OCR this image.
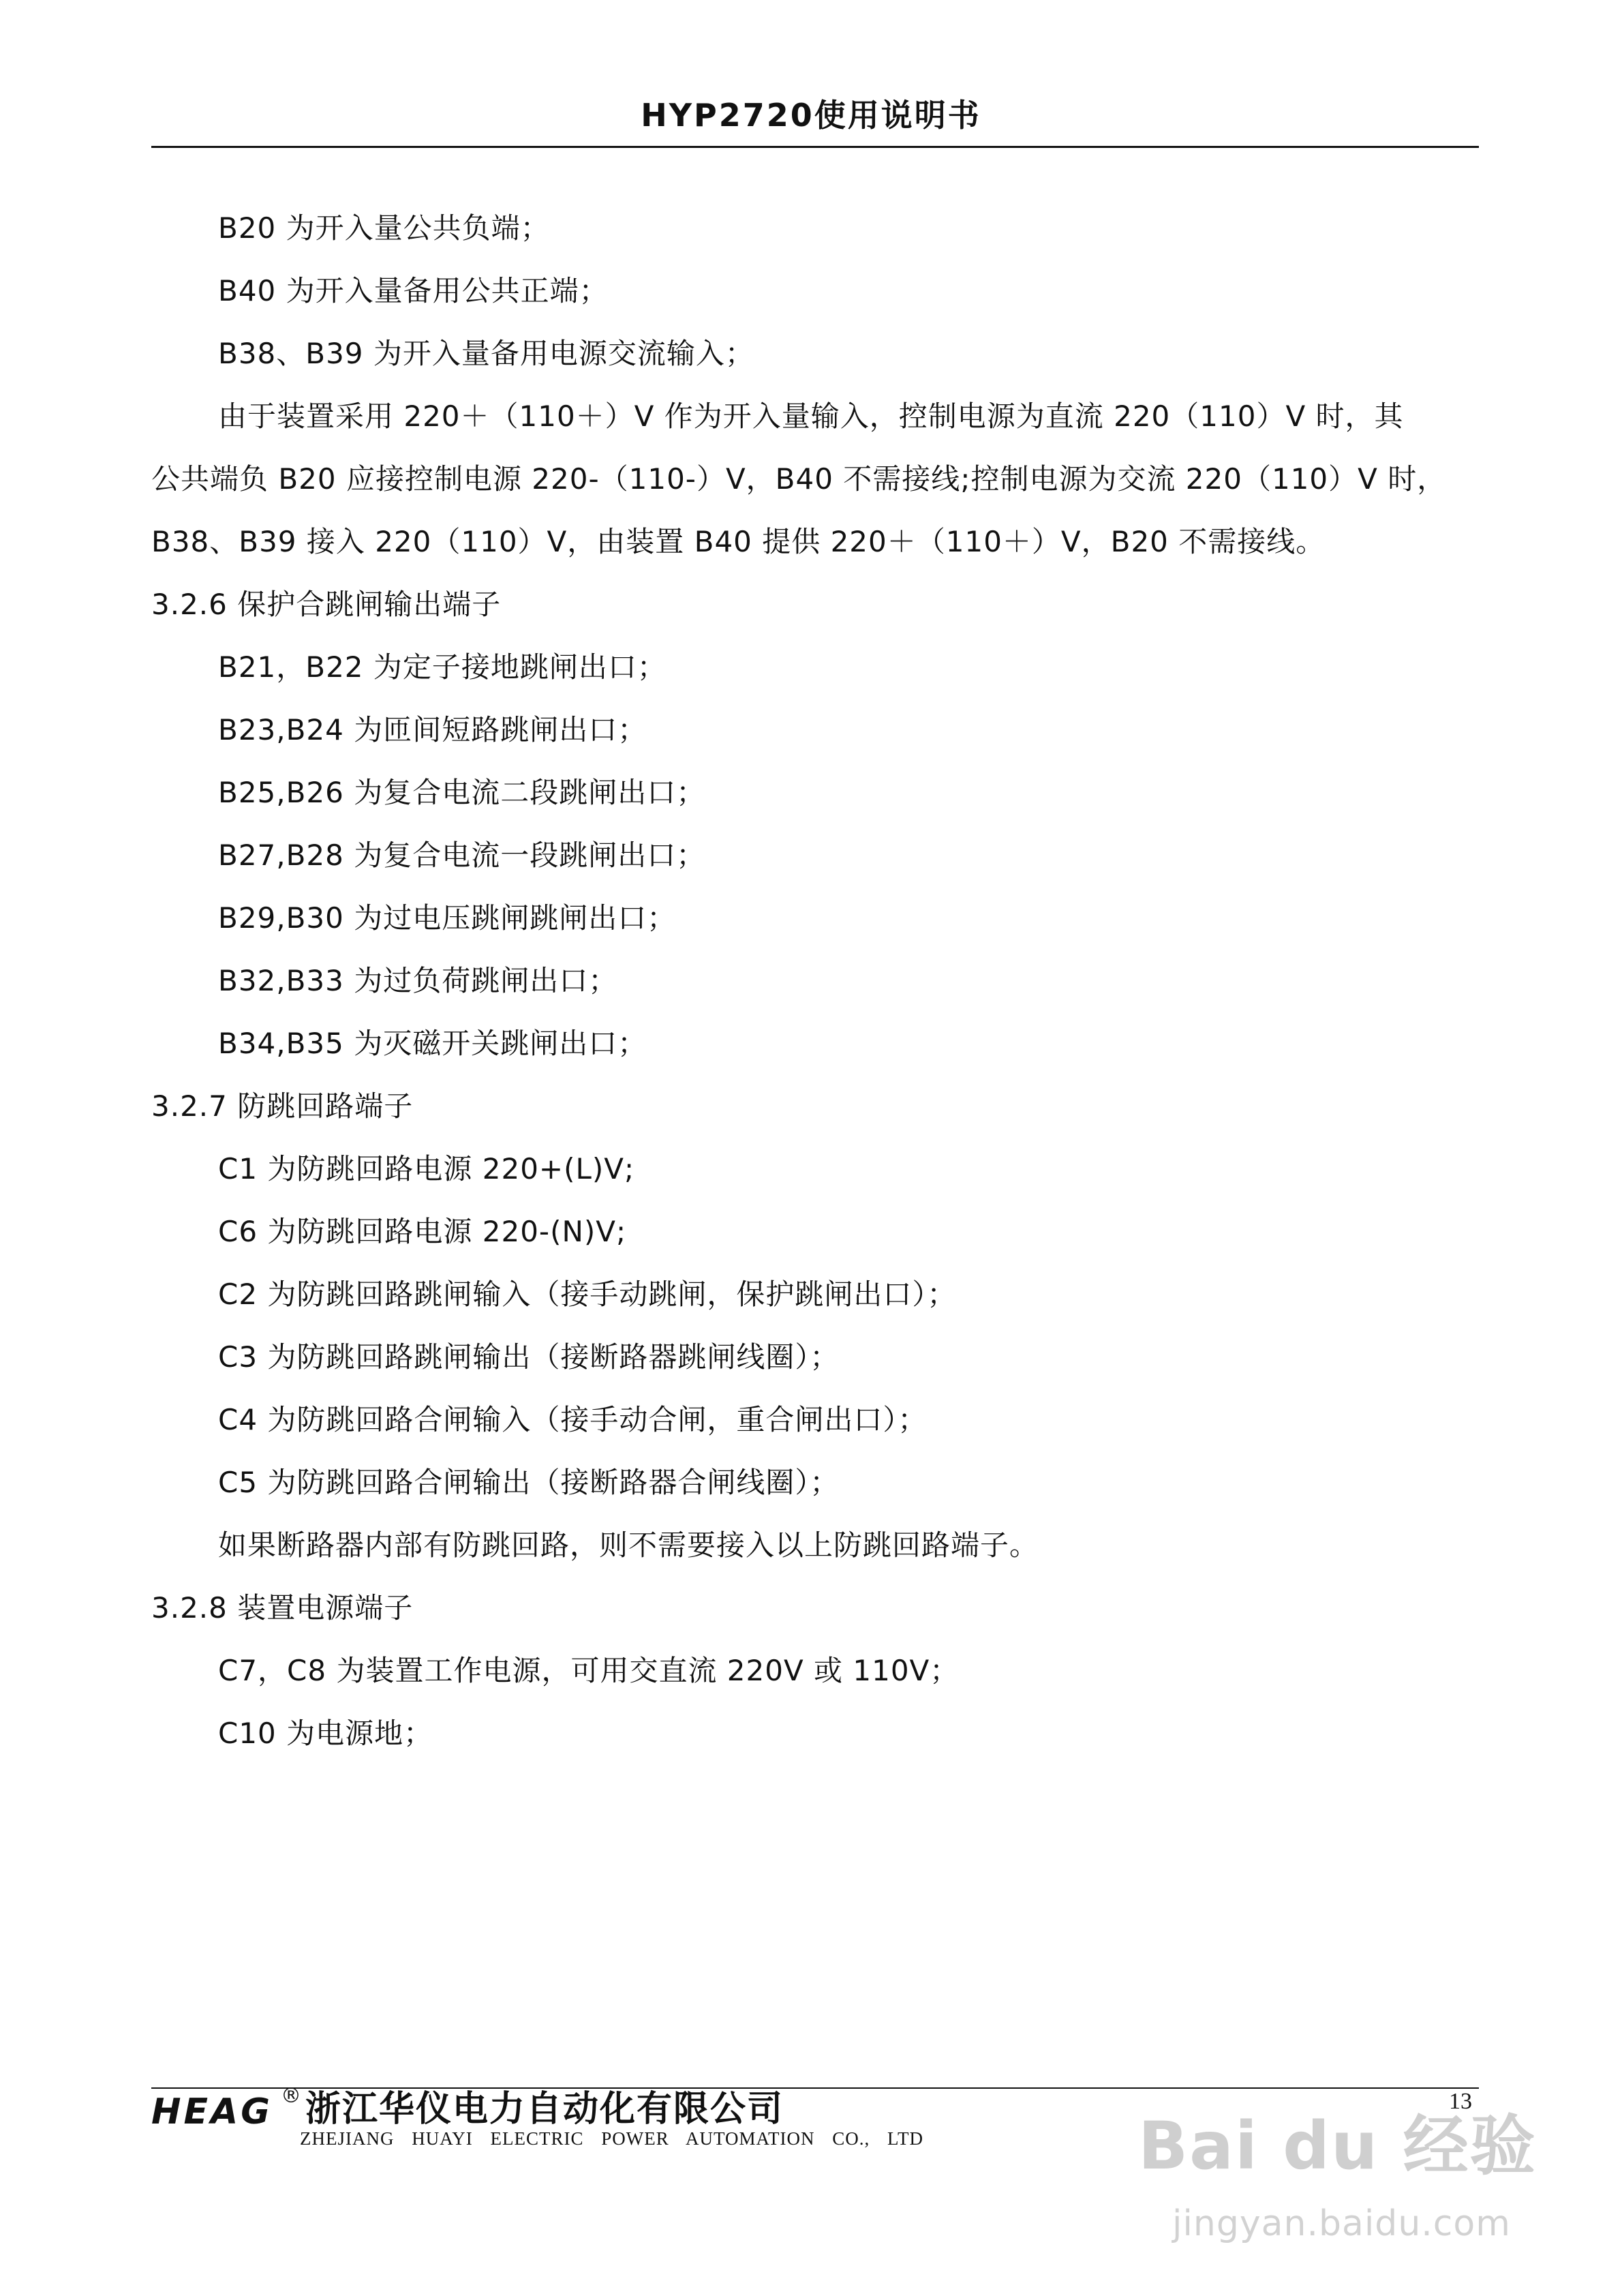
HYP2720使用说明书
B20 为开入量公共负端；
B40 为开入量备用公共正端；
B38、B39 为开入量备用电源交流输入；
由于装置采用 220＋（110＋）V 作为开入量输入，控制电源为直流 220（110）V 时，其
公共端负 B20 应接控制电源 220-（110-）V，B40 不需接线;控制电源为交流 220（110）V 时，
B38、B39 接入 220（110）V，由装置 B40 提供 220＋（110＋）V，B20 不需接线。
3.2.6 保护合跳闸输出端子
B21，B22 为定子接地跳闸出口；
B23,B24 为匝间短路跳闸出口；
B25,B26 为复合电流二段跳闸出口；
B27,B28 为复合电流一段跳闸出口；
B29,B30 为过电压跳闸跳闸出口；
B32,B33 为过负荷跳闸出口；
B34,B35 为灭磁开关跳闸出口；
3.2.7 防跳回路端子
C1 为防跳回路电源 220+(L)V;
C6 为防跳回路电源 220-(N)V;
C2 为防跳回路跳闸输入（接手动跳闸，保护跳闸出口）；
C3 为防跳回路跳闸输出（接断路器跳闸线圈）；
C4 为防跳回路合闸输入（接手动合闸，重合闸出口）；
C5 为防跳回路合闸输出（接断路器合闸线圈）；
如果断路器内部有防跳回路，则不需要接入以上防跳回路端子。
3.2.8 装置电源端子
C7，C8 为装置工作电源，可用交直流 220V 或 110V；
C10 为电源地；
HEAG ® 浙江华仪电力自动化有限公司
ZHEJIANG HUAYI ELECTRIC POWER AUTOMATION CO., LTD
13
Bai du 经验
jingyan.baidu.com
